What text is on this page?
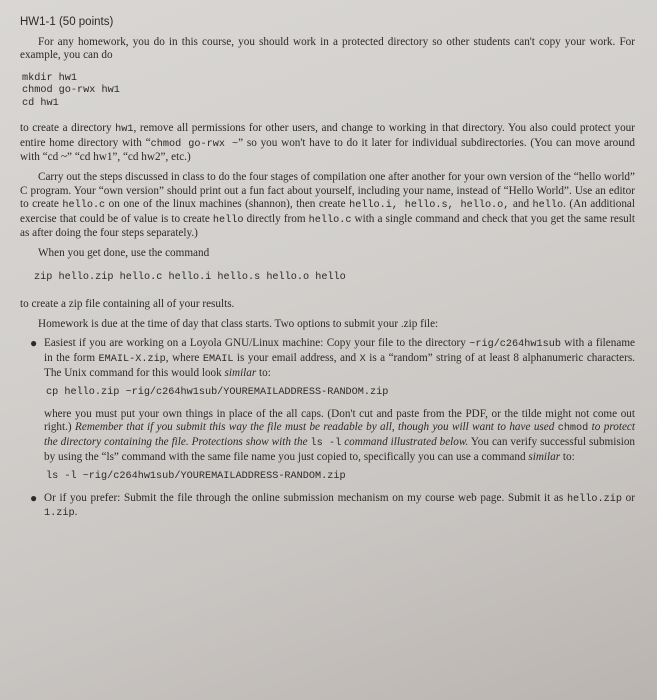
HW1-1 (50 points)

For any homework, you do in this course, you should work in a protected directory so other students can't copy your work. For example, you can do

mkdir hw1
chmod go-rwx hw1
cd hw1

to create a directory hw1, remove all permissions for other users, and change to working in that directory. You also could protect your entire home directory with “chmod go-rwx ~” so you won't have to do it later for individual subdirectories. (You can move around with “cd ~” “cd hw1”, “cd hw2”, etc.)

Carry out the steps discussed in class to do the four stages of compilation one after another for your own version of the “hello world” C program. Your “own version” should print out a fun fact about yourself, including your name, instead of “Hello World”. Use an editor to create hello.c on one of the linux machines (shannon), then create hello.i, hello.s, hello.o, and hello. (An additional exercise that could be of value is to create hello directly from hello.c with a single command and check that you get the same result as after doing the four steps separately.)

When you get done, use the command

zip hello.zip hello.c hello.i hello.s hello.o hello

to create a zip file containing all of your results.

Homework is due at the time of day that class starts. Two options to submit your .zip file:

● Easiest if you are working on a Loyola GNU/Linux machine: Copy your file to the directory ~rig/c264hw1sub with a filename in the form EMAIL-X.zip, where EMAIL is your email address, and X is a “random” string of at least 8 alphanumeric characters. The Unix command for this would look similar to:
cp hello.zip ~rig/c264hw1sub/YOUREMAILADDRESS-RANDOM.zip

where you must put your own things in place of the all caps. (Don't cut and paste from the PDF, or the tilde might not come out right.) Remember that if you submit this way the file must be readable by all, though you will want to have used chmod to protect the directory containing the file. Protections show with the ls -l command illustrated below. You can verify successful submision by using the “ls” command with the same file name you just copied to, specifically you can use a command similar to:

ls -l ~rig/c264hw1sub/YOUREMAILADDRESS-RANDOM.zip
● Or if you prefer: Submit the file through the online submission mechanism on my course web page. Submit it as hello.zip or 1.zip.
